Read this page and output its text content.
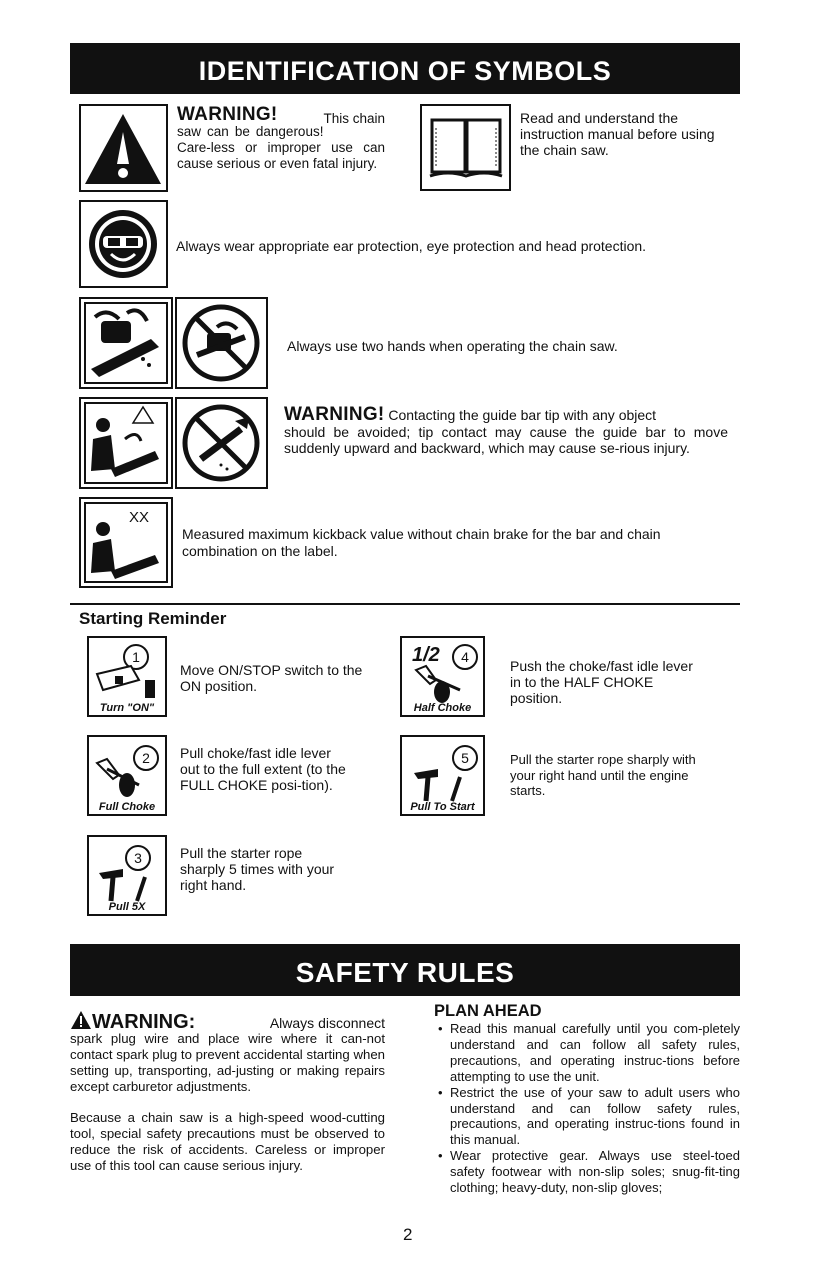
IDENTIFICATION OF SYMBOLS
WARNING!	This chain
saw can be dangerous! Care-less or improper use can cause serious or even fatal injury.
Read and understand the instruction manual before using the chain saw.
Always wear appropriate ear protection, eye protection and head protection.
Always use two hands when operating the chain saw.
WARNING! Contacting the guide bar tip with any object
should be avoided; tip contact may cause the guide bar to move suddenly upward and backward, which may cause se-rious injury.
XX
Measured maximum kickback value without chain brake for the bar and chain combination on the label.
Starting Reminder
1
Turn "ON"
Move ON/STOP switch to the ON position.
2
Full Choke
Pull choke/fast idle lever out to the full extent (to the FULL CHOKE posi-tion).
3
Pull 5X
Pull the starter rope sharply 5 times with your right hand.
1/2	4
Half Choke
Push the choke/fast idle lever in to the HALF CHOKE position.
5
Pull To Start
Pull the starter rope sharply with your right hand until the engine starts.
SAFETY RULES
WARNING:	Always disconnect
spark plug wire and place wire where it can-not contact spark plug to prevent accidental starting when setting up, transporting, ad-justing or making repairs except carburetor adjustments.
Because a chain saw is a high-speed wood-cutting tool, special safety precautions must be observed to reduce the risk of accidents. Careless or improper use of this tool can cause serious injury.
PLAN AHEAD
• Read this manual carefully until you com-pletely understand and can follow all safety rules, precautions, and operating instruc-tions before attempting to use the unit.
• Restrict the use of your saw to adult users who understand and can follow safety rules, precautions, and operating instruc-tions found in this manual.
• Wear protective gear. Always use steel-toed safety footwear with non-slip soles; snug-fit-ting clothing; heavy-duty, non-slip gloves;
2
